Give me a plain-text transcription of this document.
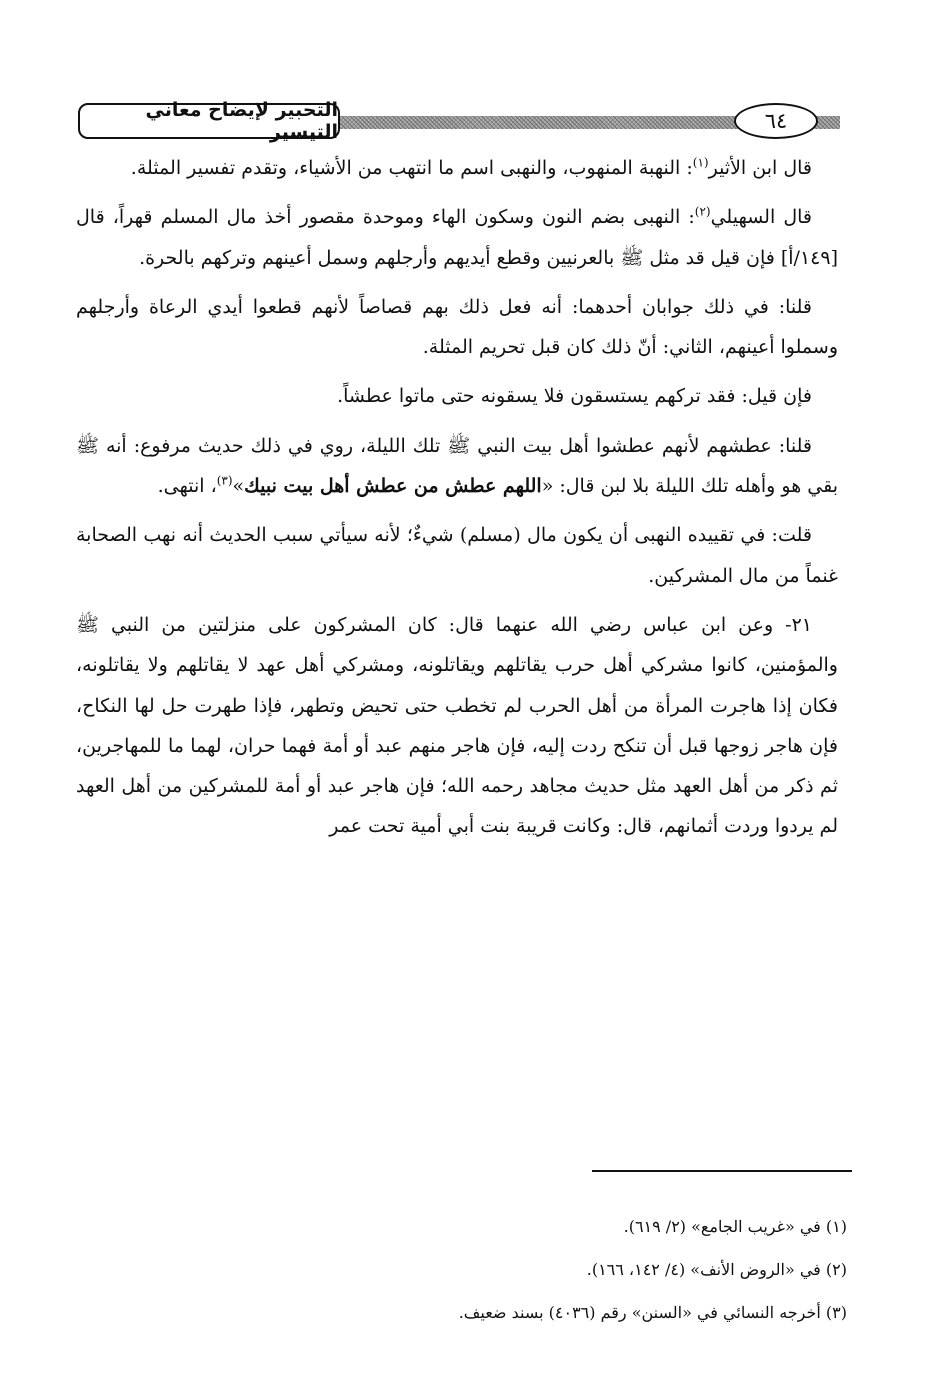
التحبير لإيضاح معاني التيسير	٦٤

قال ابن الأثير$^{(١)}$: النهبة المنهوب، والنهبى اسم ما انتهب من الأشياء، وتقدم تفسير المثلة.

قال السهيلي$^{(٢)}$: النهبى بضم النون وسكون الهاء وموحدة مقصور أخذ مال المسلم قهراً، قال [١٤٩/أ] فإن قيل قد مثل ﷺ بالعرنيين وقطع أيديهم وأرجلهم وسمل أعينهم وتركهم بالحرة.

قلنا: في ذلك جوابان أحدهما: أنه فعل ذلك بهم قصاصاً لأنهم قطعوا أيدي الرعاة وأرجلهم وسملوا أعينهم، الثاني: أنّ ذلك كان قبل تحريم المثلة.

فإن قيل: فقد تركهم يستسقون فلا يسقونه حتى ماتوا عطشاً.

قلنا: عطشهم لأنهم عطشوا أهل بيت النبي ﷺ تلك الليلة، روي في ذلك حديث مرفوع: أنه ﷺ بقي هو وأهله تلك الليلة بلا لبن قال: «اللهم عطش من عطش أهل بيت نبيك»$^{(٣)}$، انتهى.

قلت: في تقييده النهبى أن يكون مال (مسلم) شيءٌ؛ لأنه سيأتي سبب الحديث أنه نهب الصحابة غنماً من مال المشركين.

٢١- وعن ابن عباس رضي الله عنهما قال: كان المشركون على منزلتين من النبي ﷺ والمؤمنين، كانوا مشركي أهل حرب يقاتلهم ويقاتلونه، ومشركي أهل عهد لا يقاتلهم ولا يقاتلونه، فكان إذا هاجرت المرأة من أهل الحرب لم تخطب حتى تحيض وتطهر، فإذا طهرت حل لها النكاح، فإن هاجر زوجها قبل أن تنكح ردت إليه، فإن هاجر منهم عبد أو أمة فهما حران، لهما ما للمهاجرين، ثم ذكر من أهل العهد مثل حديث مجاهد رحمه الله؛ فإن هاجر عبد أو أمة للمشركين من أهل العهد لم يردوا وردت أثمانهم، قال: وكانت قريبة بنت أبي أمية تحت عمر

(١) في «غريب الجامع» (٢/ ٦١٩).

(٢) في «الروض الأنف» (٤/ ١٤٢، ١٦٦).

(٣) أخرجه النسائي في «السنن» رقم (٤٠٣٦) بسند ضعيف.
